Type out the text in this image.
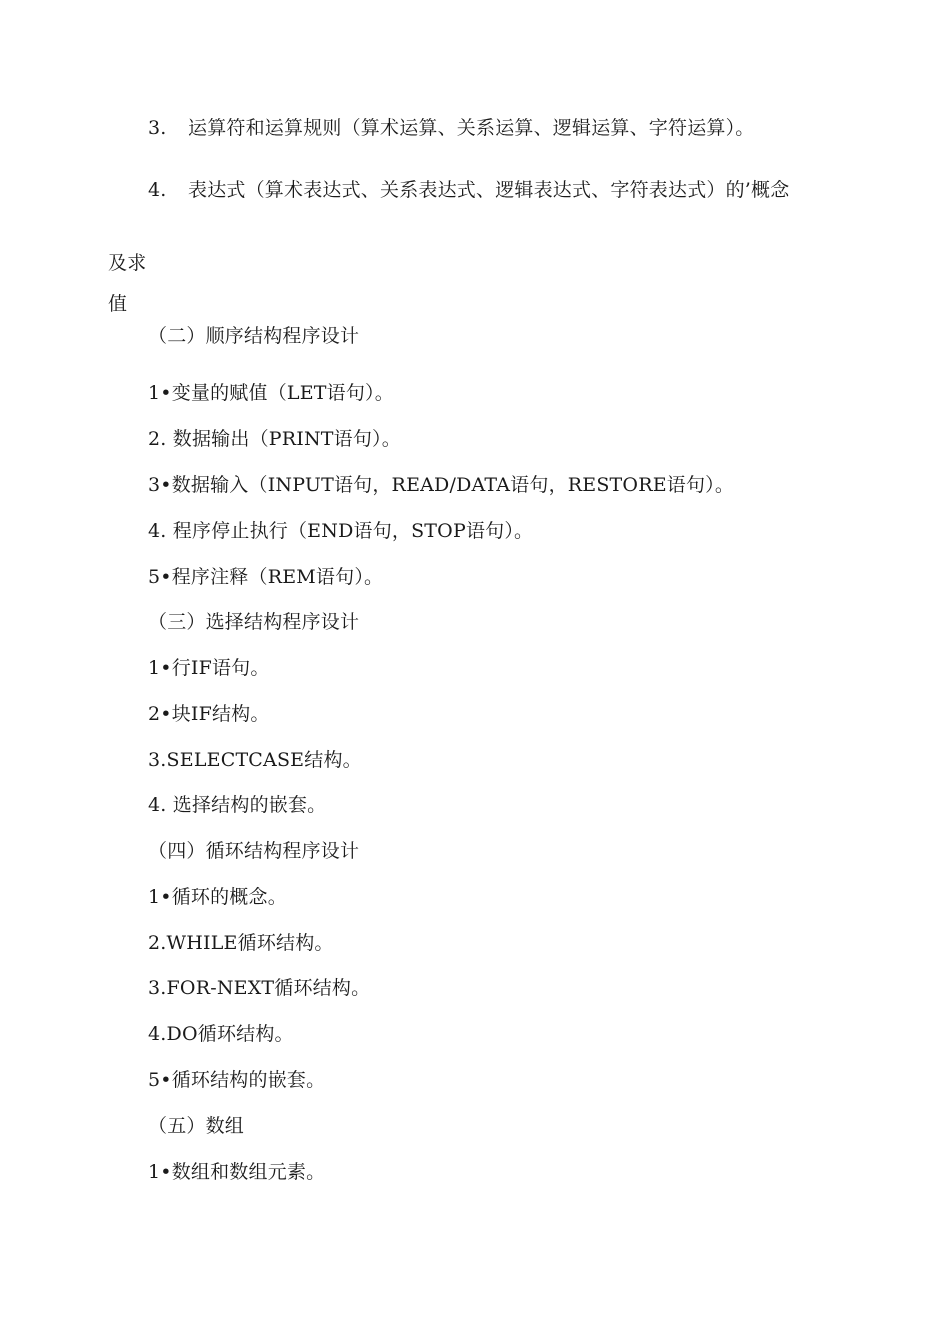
3. 运算符和运算规则（算术运算、关系运算、逻辑运算、字符运算）。
4. 表达式（算术表达式、关系表达式、逻辑表达式、字符表达式）的’概念
及求
值
（二）顺序结构程序设计
1•变量的赋值（LET语句）。
2. 数据输出（PRINT语句）。
3•数据输入（INPUT语句，READ/DATA语句，RESTORE语句）。
4. 程序停止执行（END语句，STOP语句）。
5•程序注释（REM语句）。
（三）选择结构程序设计
1•行IF语句。
2•块IF结构。
3.SELECTCASE结构。
4. 选择结构的嵌套。
（四）循环结构程序设计
1•循环的概念。
2.WHILE循环结构。
3.FOR-NEXT循环结构。
4.DO循环结构。
5•循环结构的嵌套。
（五）数组
1•数组和数组元素。
